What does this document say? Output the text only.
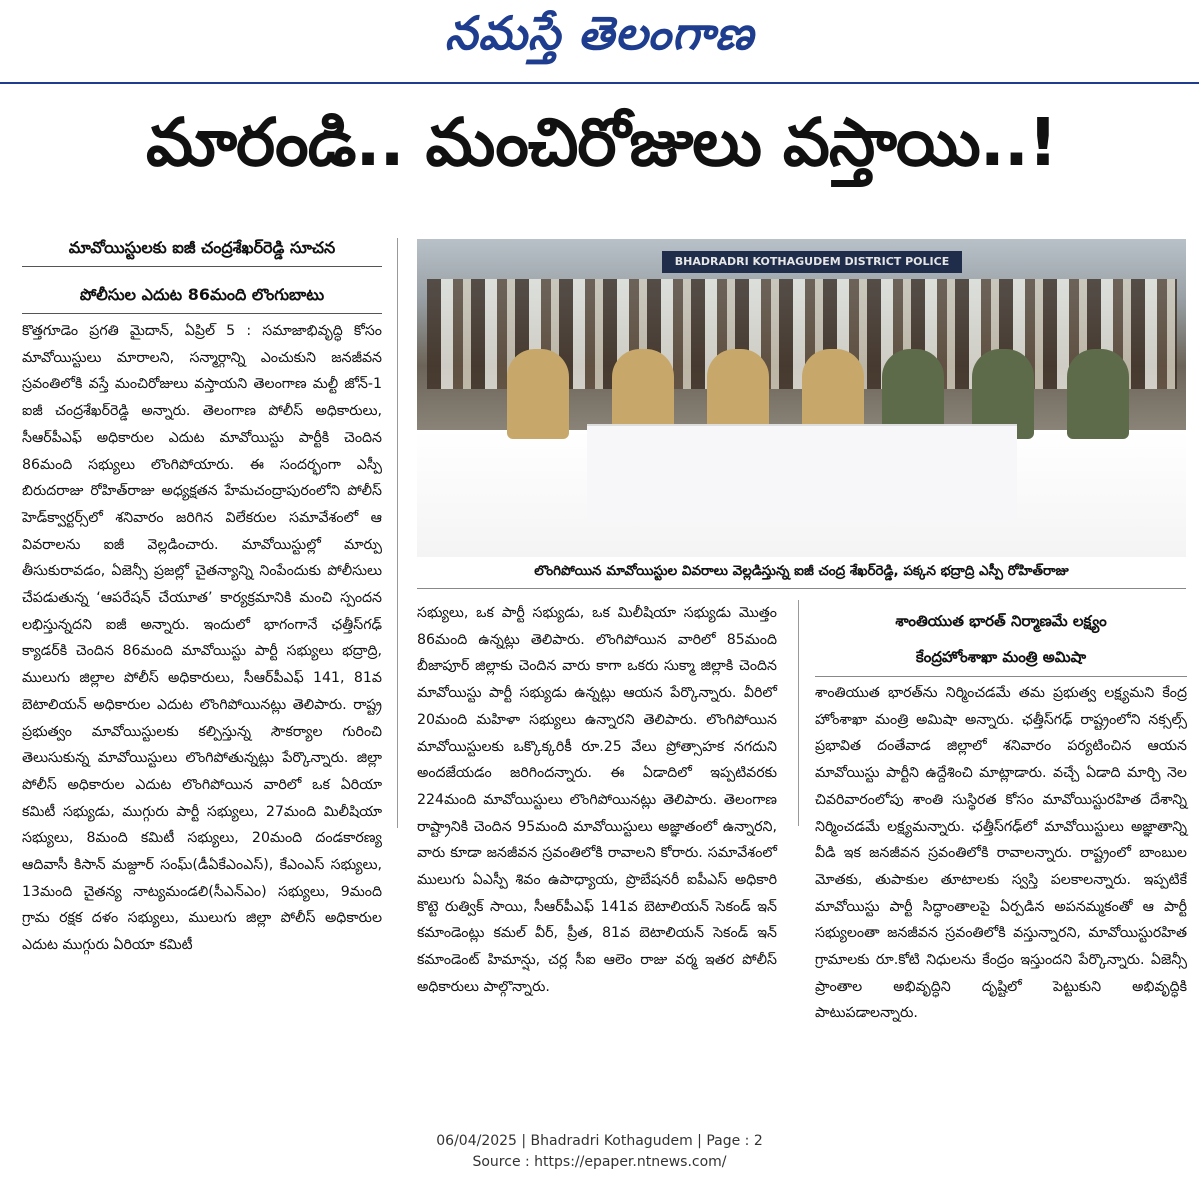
నమస్తే తెలంగాణ
మారండి.. మంచిరోజులు వస్తాయి..!
మావోయిస్టులకు ఐజీ చంద్రశేఖర్‌రెడ్డి సూచన
పోలీసుల ఎదుట 86మంది లొంగుబాటు
BHADRADRI KOTHAGUDEM DISTRICT POLICE
లొంగిపోయిన మావోయిస్టుల వివరాలు వెల్లడిస్తున్న ఐజీ చంద్ర శేఖర్‌రెడ్డి, పక్కన భద్రాద్రి ఎస్పీ రోహిత్‌రాజు

కొత్తగూడెం ప్రగతి మైదాన్, ఏప్రిల్ 5 : సమాజాభివృద్ధి కోసం మావోయిస్టులు మారాలని, సన్మార్గాన్ని ఎంచుకుని జనజీవన స్రవంతిలోకి వస్తే మంచిరోజులు వస్తాయని తెలంగాణ మల్టీ జోన్-1 ఐజీ చంద్రశేఖర్‌రెడ్డి అన్నారు. తెలంగాణ పోలీస్ అధికారులు, సీఆర్‌పీఎఫ్ అధికారుల ఎదుట మావోయిస్టు పార్టీకి చెందిన 86మంది సభ్యులు లొంగిపోయారు. ఈ సందర్భంగా ఎస్పీ బిరుదరాజు రోహిత్‌రాజు అధ్యక్షతన హేమచంద్రాపురంలోని పోలీస్ హెడ్‌క్వార్టర్స్‌లో శనివారం జరిగిన విలేకరుల సమావేశంలో ఆ వివరాలను ఐజీ వెల్లడించారు. మావోయిస్టుల్లో మార్పు తీసుకురావడం, ఏజెన్సీ ప్రజల్లో చైతన్యాన్ని నింపేందుకు పోలీసులు చేపడుతున్న ‘ఆపరేషన్ చేయూత’ కార్యక్రమానికి మంచి స్పందన లభిస్తున్నదని ఐజీ అన్నారు. ఇందులో భాగంగానే ఛత్తీస్‌గఢ్ క్యాడర్‌కి చెందిన 86మంది మావోయిస్టు పార్టీ సభ్యులు భద్రాద్రి, ములుగు జిల్లాల పోలీస్ అధికారులు, సీఆర్‌పీఎఫ్ 141, 81వ బెటాలియన్ అధికారుల ఎదుట లొంగిపోయినట్లు తెలిపారు. రాష్ట్ర ప్రభుత్వం మావోయిస్టులకు కల్పిస్తున్న సౌకర్యాల గురించి తెలుసుకున్న మావోయిస్టులు లొంగిపోతున్నట్లు పేర్కొన్నారు. జిల్లా పోలీస్ అధికారుల ఎదుట లొంగిపోయిన వారిలో ఒక ఏరియా కమిటీ సభ్యుడు, ముగ్గురు పార్టీ సభ్యులు, 27మంది మిలీషియా సభ్యులు, 8మంది కమిటీ సభ్యులు, 20మంది దండకారణ్య ఆదివాసీ కిసాన్ మజ్దూర్ సంఘ్(డీఏకేఎంఎస్), కేఎంఎస్ సభ్యులు, 13మంది చైతన్య నాట్యమండలి(సీఎన్ఎం) సభ్యులు, 9మంది గ్రామ రక్షక దళం సభ్యులు, ములుగు జిల్లా పోలీస్ అధికారుల ఎదుట ముగ్గురు ఏరియా కమిటీ

సభ్యులు, ఒక పార్టీ సభ్యుడు, ఒక మిలీషియా సభ్యుడు మొత్తం 86మంది ఉన్నట్లు తెలిపారు. లొంగిపోయిన వారిలో 85మంది బీజాపూర్ జిల్లాకు చెందిన వారు కాగా ఒకరు సుక్మా జిల్లాకి చెందిన మావోయిస్టు పార్టీ సభ్యుడు ఉన్నట్లు ఆయన పేర్కొన్నారు. వీరిలో 20మంది మహిళా సభ్యులు ఉన్నారని తెలిపారు. లొంగిపోయిన మావోయిస్టులకు ఒక్కొక్కరికీ రూ.25 వేలు ప్రోత్సాహక నగదుని అందజేయడం జరిగిందన్నారు. ఈ ఏడాదిలో ఇప్పటివరకు 224మంది మావోయిస్టులు లొంగిపోయినట్లు తెలిపారు. తెలంగాణ రాష్ట్రానికి చెందిన 95మంది మావోయిస్టులు అజ్ఞాతంలో ఉన్నారని, వారు కూడా జనజీవన స్రవంతిలోకి రావాలని కోరారు. సమావేశంలో ములుగు ఏఎస్పీ శివం ఉపాధ్యాయ, ప్రొబేషనరీ ఐపీఎస్ అధికారి కొట్టె రుత్విక్ సాయి, సీఆర్‌పీఎఫ్ 141వ బెటాలియన్ సెకండ్ ఇన్ కమాండెంట్లు కమల్ వీర్, ప్రీత, 81వ బెటాలియన్ సెకండ్ ఇన్ కమాండెంట్ హిమాన్షు, చర్ల సీఐ ఆలెం రాజు వర్మ ఇతర పోలీస్ అధికారులు పాల్గొన్నారు.

శాంతియుత భారత్ నిర్మాణమే లక్ష్యం
కేంద్రహోంశాఖా మంత్రి అమిషా

శాంతియుత భారత్‌ను నిర్మించడమే తమ ప్రభుత్వ లక్ష్యమని కేంద్ర హోంశాఖా మంత్రి అమిషా అన్నారు. ఛత్తీస్‌గఢ్ రాష్ట్రంలోని నక్సల్స్ ప్రభావిత దంతేవాడ జిల్లాలో శనివారం పర్యటించిన ఆయన మావోయిస్టు పార్టీని ఉద్దేశించి మాట్లాడారు. వచ్చే ఏడాది మార్చి నెల చివరివారంలోపు శాంతి సుస్థిరత కోసం మావోయిస్టురహిత దేశాన్ని నిర్మించడమే లక్ష్యమన్నారు. ఛత్తీస్‌గఢ్‌లో మావోయిస్టులు అజ్ఞాతాన్ని వీడి ఇక జనజీవన స్రవంతిలోకి రావాలన్నారు. రాష్ట్రంలో బాంబుల మోతకు, తుపాకుల తూటాలకు స్వస్తి పలకాలన్నారు. ఇప్పటికే మావోయిస్టు పార్టీ సిద్ధాంతాలపై ఏర్పడిన అపనమ్మకంతో ఆ పార్టీ సభ్యులంతా జనజీవన స్రవంతిలోకి వస్తున్నారని, మావోయిస్టురహిత గ్రామాలకు రూ.కోటి నిధులను కేంద్రం ఇస్తుందని పేర్కొన్నారు. ఏజెన్సీ ప్రాంతాల అభివృద్ధిని దృష్టిలో పెట్టుకుని అభివృద్ధికి పాటుపడాలన్నారు.

06/04/2025 | Bhadradri Kothagudem | Page : 2
Source : https://epaper.ntnews.com/
